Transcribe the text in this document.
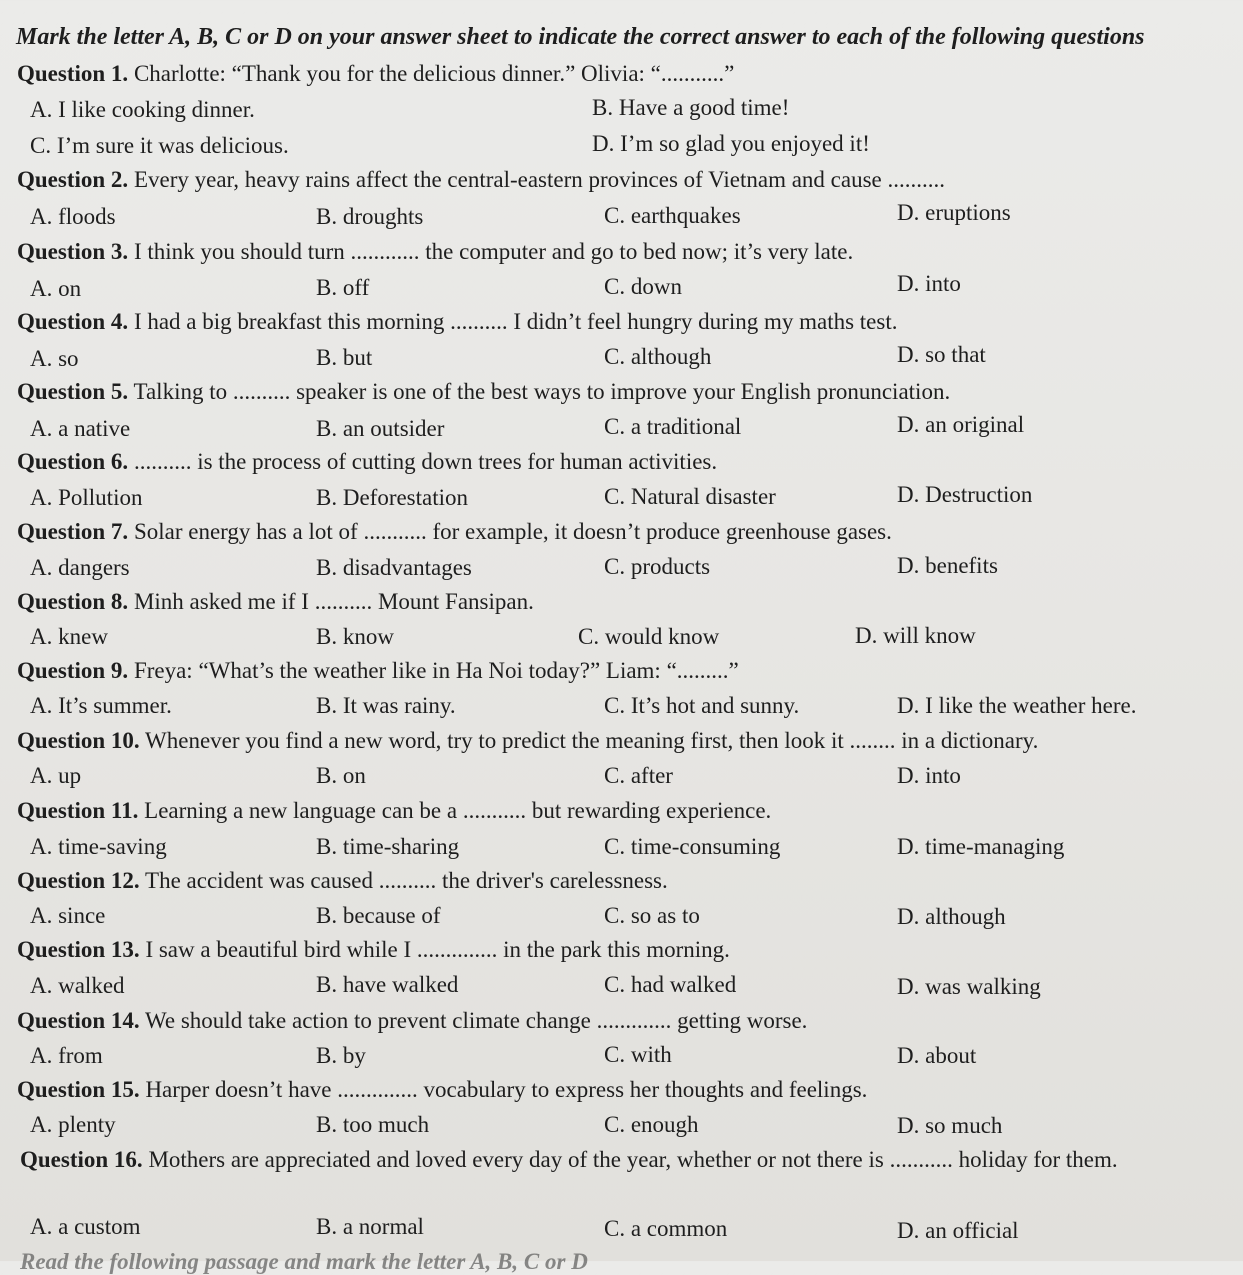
Mark the letter A, B, C or D on your answer sheet to indicate the correct answer to each of the following questions
Question 1. Charlotte: “Thank you for the delicious dinner.” Olivia: “...........”
A. I like cooking dinner.	B. Have a good time!
C. I’m sure it was delicious.	D. I’m so glad you enjoyed it!
Question 2. Every year, heavy rains affect the central-eastern provinces of Vietnam and cause ..........
A. floods	B. droughts	C. earthquakes	D. eruptions
Question 3. I think you should turn ............ the computer and go to bed now; it’s very late.
A. on	B. off	C. down	D. into
Question 4. I had a big breakfast this morning .......... I didn’t feel hungry during my maths test.
A. so	B. but	C. although	D. so that
Question 5. Talking to .......... speaker is one of the best ways to improve your English pronunciation.
A. a native	B. an outsider	C. a traditional	D. an original
Question 6. .......... is the process of cutting down trees for human activities.
A. Pollution	B. Deforestation	C. Natural disaster	D. Destruction
Question 7. Solar energy has a lot of ........... for example, it doesn’t produce greenhouse gases.
A. dangers	B. disadvantages	C. products	D. benefits
Question 8. Minh asked me if I .......... Mount Fansipan.
A. knew	B. know	C. would know	D. will know
Question 9. Freya: “What’s the weather like in Ha Noi today?” Liam: “.........”
A. It’s summer.	B. It was rainy.	C. It’s hot and sunny.	D. I like the weather here.
Question 10. Whenever you find a new word, try to predict the meaning first, then look it ........ in a dictionary.
A. up	B. on	C. after	D. into
Question 11. Learning a new language can be a ........... but rewarding experience.
A. time-saving	B. time-sharing	C. time-consuming	D. time-managing
Question 12. The accident was caused .......... the driver's carelessness.
A. since	B. because of	C. so as to	D. although
Question 13. I saw a beautiful bird while I .............. in the park this morning.
A. walked	B. have walked	C. had walked	D. was walking
Question 14. We should take action to prevent climate change ............. getting worse.
A. from	B. by	C. with	D. about
Question 15. Harper doesn’t have .............. vocabulary to express her thoughts and feelings.
A. plenty	B. too much	C. enough	D. so much
Question 16. Mothers are appreciated and loved every day of the year, whether or not there is ........... holiday for them.
A. a custom	B. a normal	C. a common	D. an official
Read the following passage and mark the letter A, B, C or D
